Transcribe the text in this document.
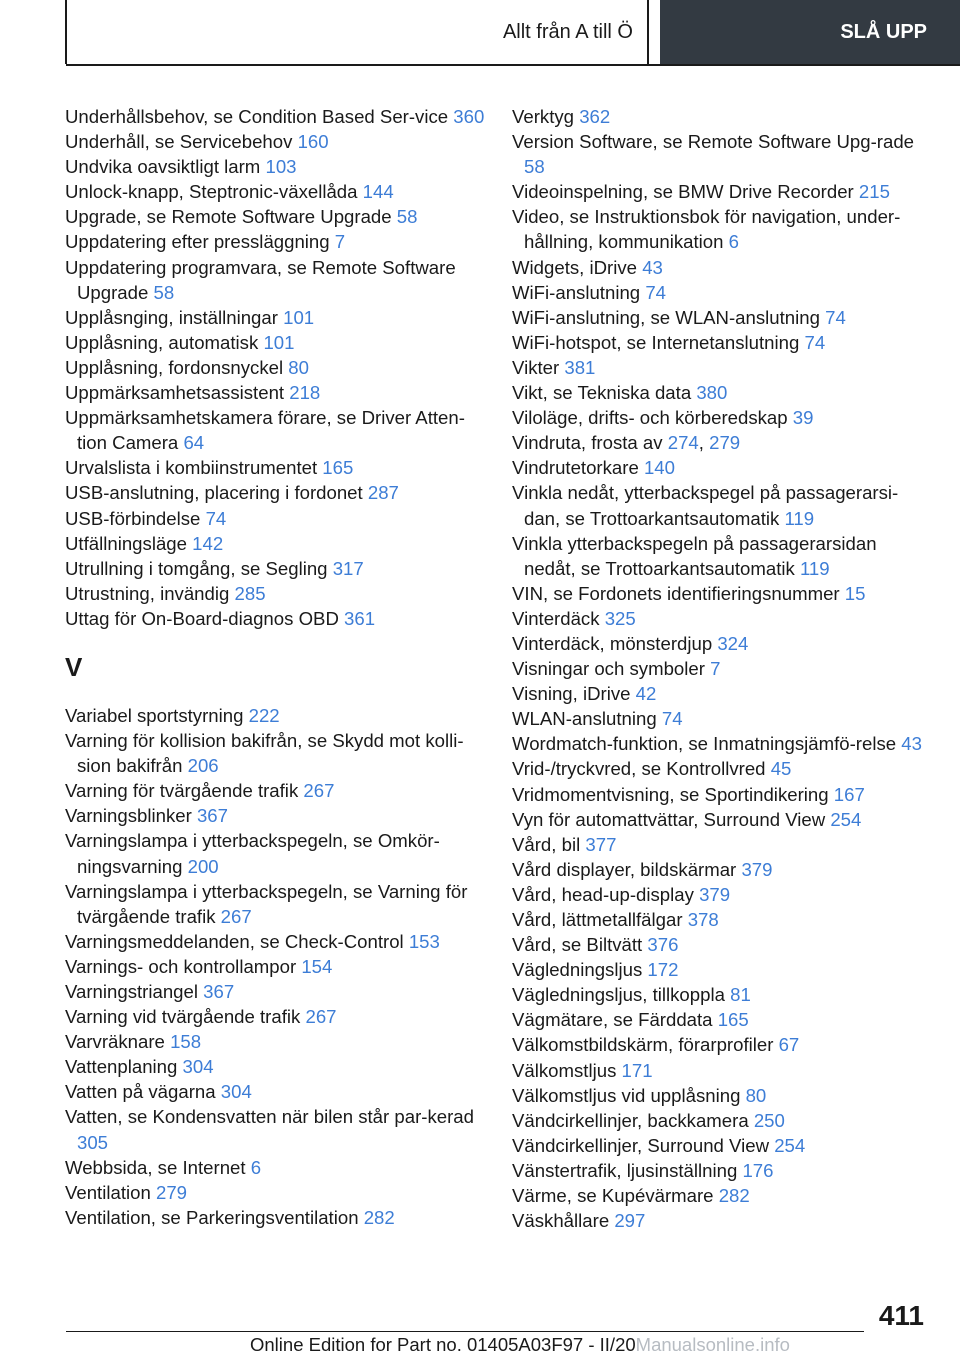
Allt från A till Ö	SLÅ UPP
Underhållsbehov, se Condition Based Ser-vice 360
Underhåll, se Servicebehov 160
Undvika oavsiktligt larm 103
Unlock-knapp, Steptronic-växellåda 144
Upgrade, se Remote Software Upgrade 58
Uppdatering efter pressläggning 7
Uppdatering programvara, se Remote Software Upgrade 58
Upplåsnging, inställningar 101
Upplåsning, automatisk 101
Upplåsning, fordonsnyckel 80
Uppmärksamhetsassistent 218
Uppmärksamhetskamera förare, se Driver Atten-tion Camera 64
Urvalslista i kombiinstrumentet 165
USB-anslutning, placering i fordonet 287
USB-förbindelse 74
Utfällningsläge 142
Utrullning i tomgång, se Segling 317
Utrustning, invändig 285
Uttag för On-Board-diagnos OBD 361
V
Variabel sportstyrning 222
Varning för kollision bakifrån, se Skydd mot kolli-sion bakifrån 206
Varning för tvärgående trafik 267
Varningsblinker 367
Varningslampa i ytterbackspegeln, se Omkör-ningsvarning 200
Varningslampa i ytterbackspegeln, se Varning för tvärgående trafik 267
Varningsmeddelanden, se Check-Control 153
Varnings- och kontrollampor 154
Varningstriangel 367
Varning vid tvärgående trafik 267
Varvräknare 158
Vattenplaning 304
Vatten på vägarna 304
Vatten, se Kondensvatten när bilen står par-kerad 305
Webbsida, se Internet 6
Ventilation 279
Ventilation, se Parkeringsventilation 282
Verktyg 362
Version Software, se Remote Software Upg-rade 58
Videoinspelning, se BMW Drive Recorder 215
Video, se Instruktionsbok för navigation, under-hållning, kommunikation 6
Widgets, iDrive 43
WiFi-anslutning 74
WiFi-anslutning, se WLAN-anslutning 74
WiFi-hotspot, se Internetanslutning 74
Vikter 381
Vikt, se Tekniska data 380
Viloläge, drifts- och körberedskap 39
Vindruta, frosta av 274, 279
Vindrutetorkare 140
Vinkla nedåt, ytterbackspegel på passagerarsi-dan, se Trottoarkantsautomatik 119
Vinkla ytterbackspegeln på passagerarsidan nedåt, se Trottoarkantsautomatik 119
VIN, se Fordonets identifieringsnummer 15
Vinterdäck 325
Vinterdäck, mönsterdjup 324
Visningar och symboler 7
Visning, iDrive 42
WLAN-anslutning 74
Wordmatch-funktion, se Inmatningsjämfö-relse 43
Vrid-/tryckvred, se Kontrollvred 45
Vridmomentvisning, se Sportindikering 167
Vyn för automattvättar, Surround View 254
Vård, bil 377
Vård displayer, bildskärmar 379
Vård, head-up-display 379
Vård, lättmetallfälgar 378
Vård, se Biltvätt 376
Vägledningsljus 172
Vägledningsljus, tillkoppla 81
Vägmätare, se Färddata 165
Välkomstbildskärm, förarprofiler 67
Välkomstljus 171
Välkomstljus vid upplåsning 80
Vändcirkellinjer, backkamera 250
Vändcirkellinjer, Surround View 254
Vänstertrafik, ljusinställning 176
Värme, se Kupévärmare 282
Väskhållare 297
411
Online Edition for Part no. 01405A03F97 - II/20Manualsonline.info
